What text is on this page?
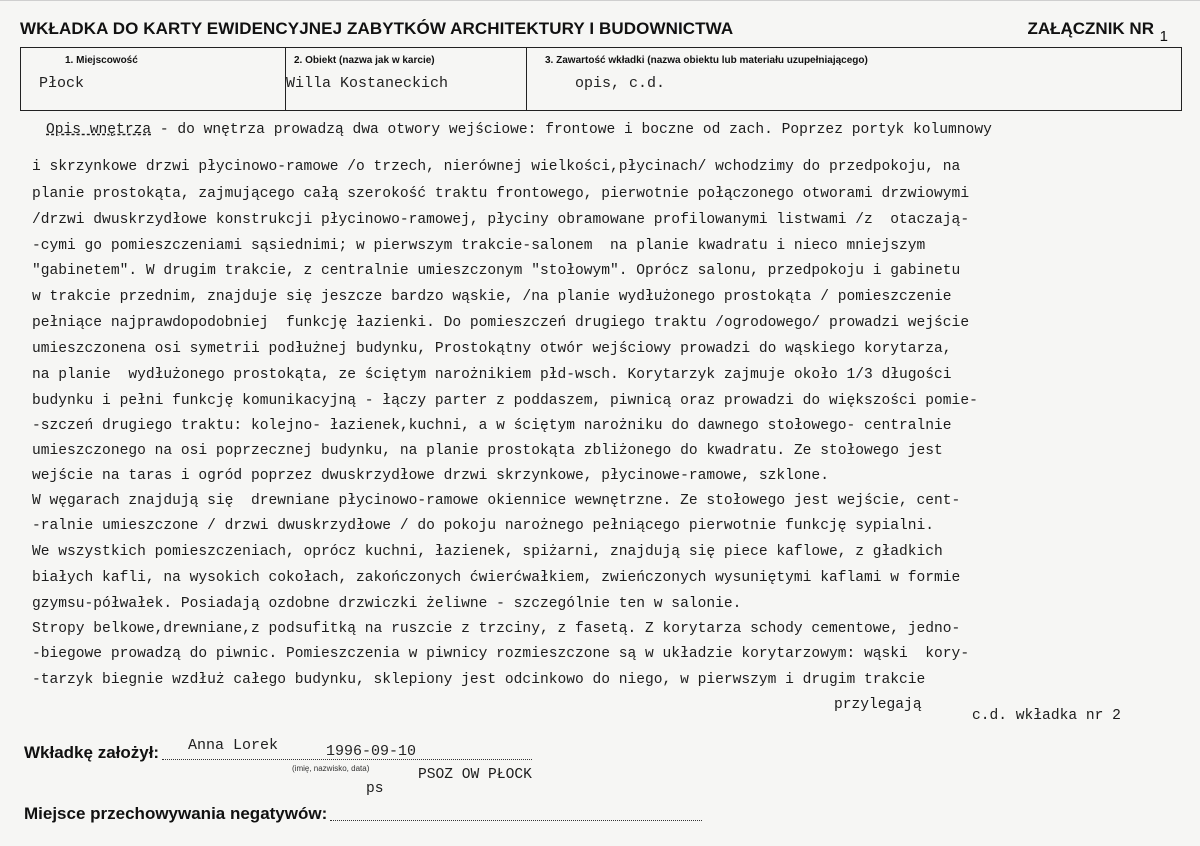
WKŁADKA DO KARTY EWIDENCYJNEJ ZABYTKÓW ARCHITEKTURY I BUDOWNICTWA	ZAŁĄCZNIK NR 1
1. Miejscowość
Płock
2. Obiekt (nazwa jak w karcie)
Willa Kostaneckich
3. Zawartość wkładki (nazwa obiektu lub materiału uzupełniającego)
opis, c.d.
Opis wnętrza - do wnętrza prowadzą dwa otwory wejściowe: frontowe i boczne od zach. Poprzez portyk kolumnowy
i skrzynkowe drzwi płycinowo-ramowe /o trzech, nierównej wielkości,płycinach/ wchodzimy do przedpokoju, na
planie prostokąta, zajmującego całą szerokość traktu frontowego, pierwotnie połączonego otworami drzwiowymi
/drzwi dwuskrzydłowe konstrukcji płycinowo-ramowej, płyciny obramowane profilowanymi listwami /z  otaczają-
-cymi go pomieszczeniami sąsiednimi; w pierwszym trakcie-salonem  na planie kwadratu i nieco mniejszym
"gabinetem". W drugim trakcie, z centralnie umieszczonym "stołowym". Oprócz salonu, przedpokoju i gabinetu
w trakcie przednim, znajduje się jeszcze bardzo wąskie, /na planie wydłużonego prostokąta / pomieszczenie
pełniące najprawdopodobniej  funkcję łazienki. Do pomieszczeń drugiego traktu /ogrodowego/ prowadzi wejście
umieszczonena osi symetrii podłużnej budynku, Prostokątny otwór wejściowy prowadzi do wąskiego korytarza,
na planie  wydłużonego prostokąta, ze ściętym narożnikiem płd-wsch. Korytarzyk zajmuje około 1/3 długości
budynku i pełni funkcję komunikacyjną - łączy parter z poddaszem, piwnicą oraz prowadzi do większości pomie-
-szczeń drugiego traktu: kolejno- łazienek,kuchni, a w ściętym narożniku do dawnego stołowego- centralnie
umieszczonego na osi poprzecznej budynku, na planie prostokąta zbliżonego do kwadratu. Ze stołowego jest
wejście na taras i ogród poprzez dwuskrzydłowe drzwi skrzynkowe, płycinowe-ramowe, szklone.
W węgarach znajdują się  drewniane płycinowo-ramowe okiennice wewnętrzne. Ze stołowego jest wejście, cent-
-ralnie umieszczone / drzwi dwuskrzydłowe / do pokoju narożnego pełniącego pierwotnie funkcję sypialni.
We wszystkich pomieszczeniach, oprócz kuchni, łazienek, spiżarni, znajdują się piece kaflowe, z gładkich
białych kafli, na wysokich cokołach, zakończonych ćwierćwałkiem, zwieńczonych wysuniętymi kaflami w formie
gzymsu-półwałek. Posiadają ozdobne drzwiczki żeliwne - szczególnie ten w salonie.
Stropy belkowe,drewniane,z podsufitką na ruszcie z trzciny, z fasetą. Z korytarza schody cementowe, jedno-
-biegowe prowadzą do piwnic. Pomieszczenia w piwnicy rozmieszczone są w układzie korytarzowym: wąski  kory-
-tarzyk biegnie wzdłuż całego budynku, sklepiony jest odcinkowo do niego, w pierwszym i drugim trakcie
przylegają
c.d. wkładka nr 2
Wkładkę założył: Anna Lorek	1996-09-10
(imię, nazwisko, data)	PSOZ OW PŁOCK
ps
Miejsce przechowywania negatywów:
